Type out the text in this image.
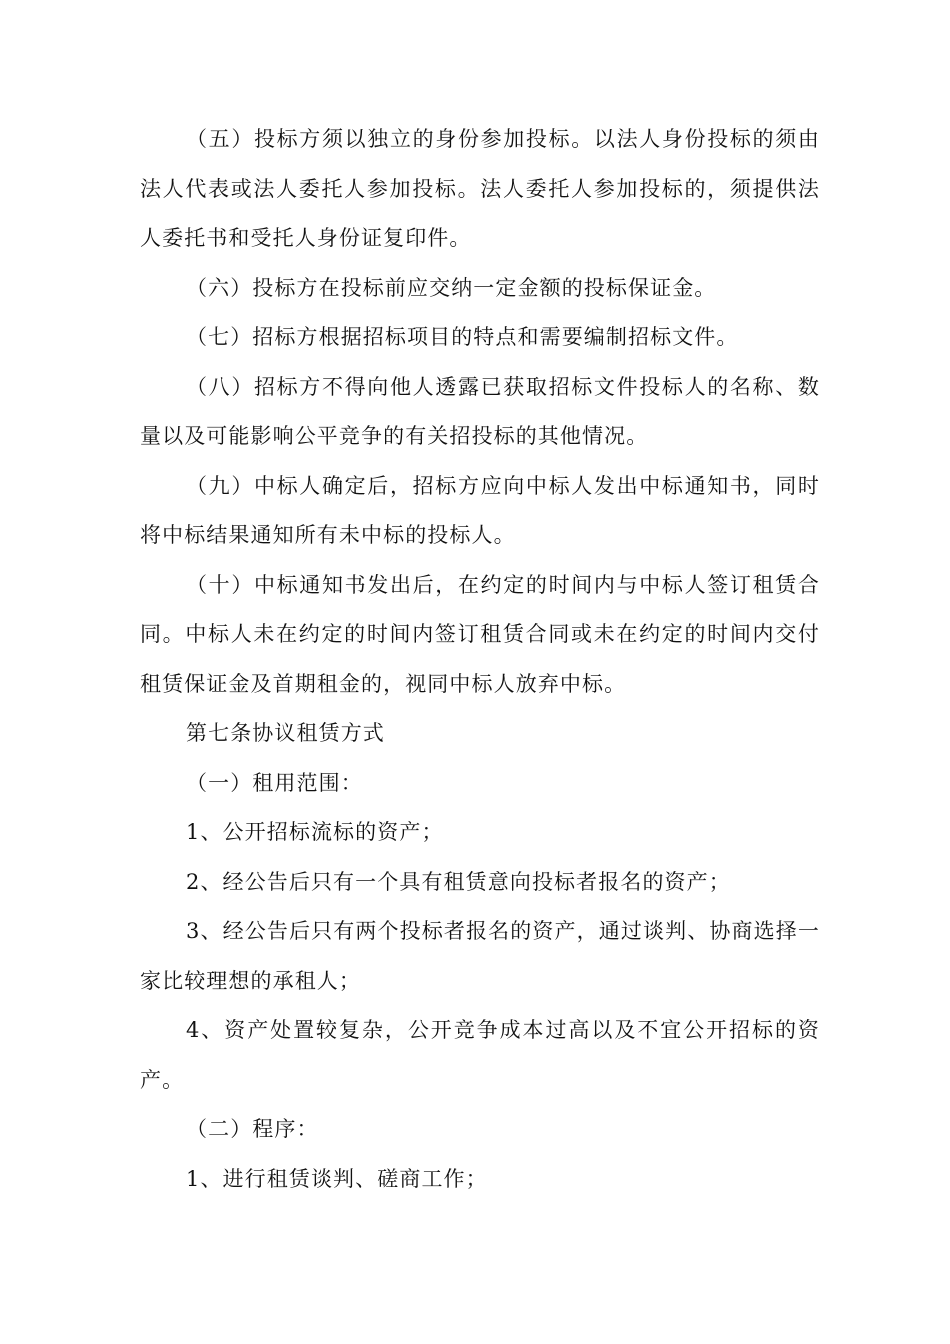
（五）投标方须以独立的身份参加投标。以法人身份投标的须由法人代表或法人委托人参加投标。法人委托人参加投标的，须提供法人委托书和受托人身份证复印件。

（六）投标方在投标前应交纳一定金额的投标保证金。

（七）招标方根据招标项目的特点和需要编制招标文件。

（八）招标方不得向他人透露已获取招标文件投标人的名称、数量以及可能影响公平竞争的有关招投标的其他情况。

（九）中标人确定后，招标方应向中标人发出中标通知书，同时将中标结果通知所有未中标的投标人。

（十）中标通知书发出后，在约定的时间内与中标人签订租赁合同。中标人未在约定的时间内签订租赁合同或未在约定的时间内交付租赁保证金及首期租金的，视同中标人放弃中标。

第七条协议租赁方式

（一）租用范围：

1、公开招标流标的资产；

2、经公告后只有一个具有租赁意向投标者报名的资产；

3、经公告后只有两个投标者报名的资产，通过谈判、协商选择一家比较理想的承租人；

4、资产处置较复杂，公开竞争成本过高以及不宜公开招标的资产。

（二）程序：

1、进行租赁谈判、磋商工作；
